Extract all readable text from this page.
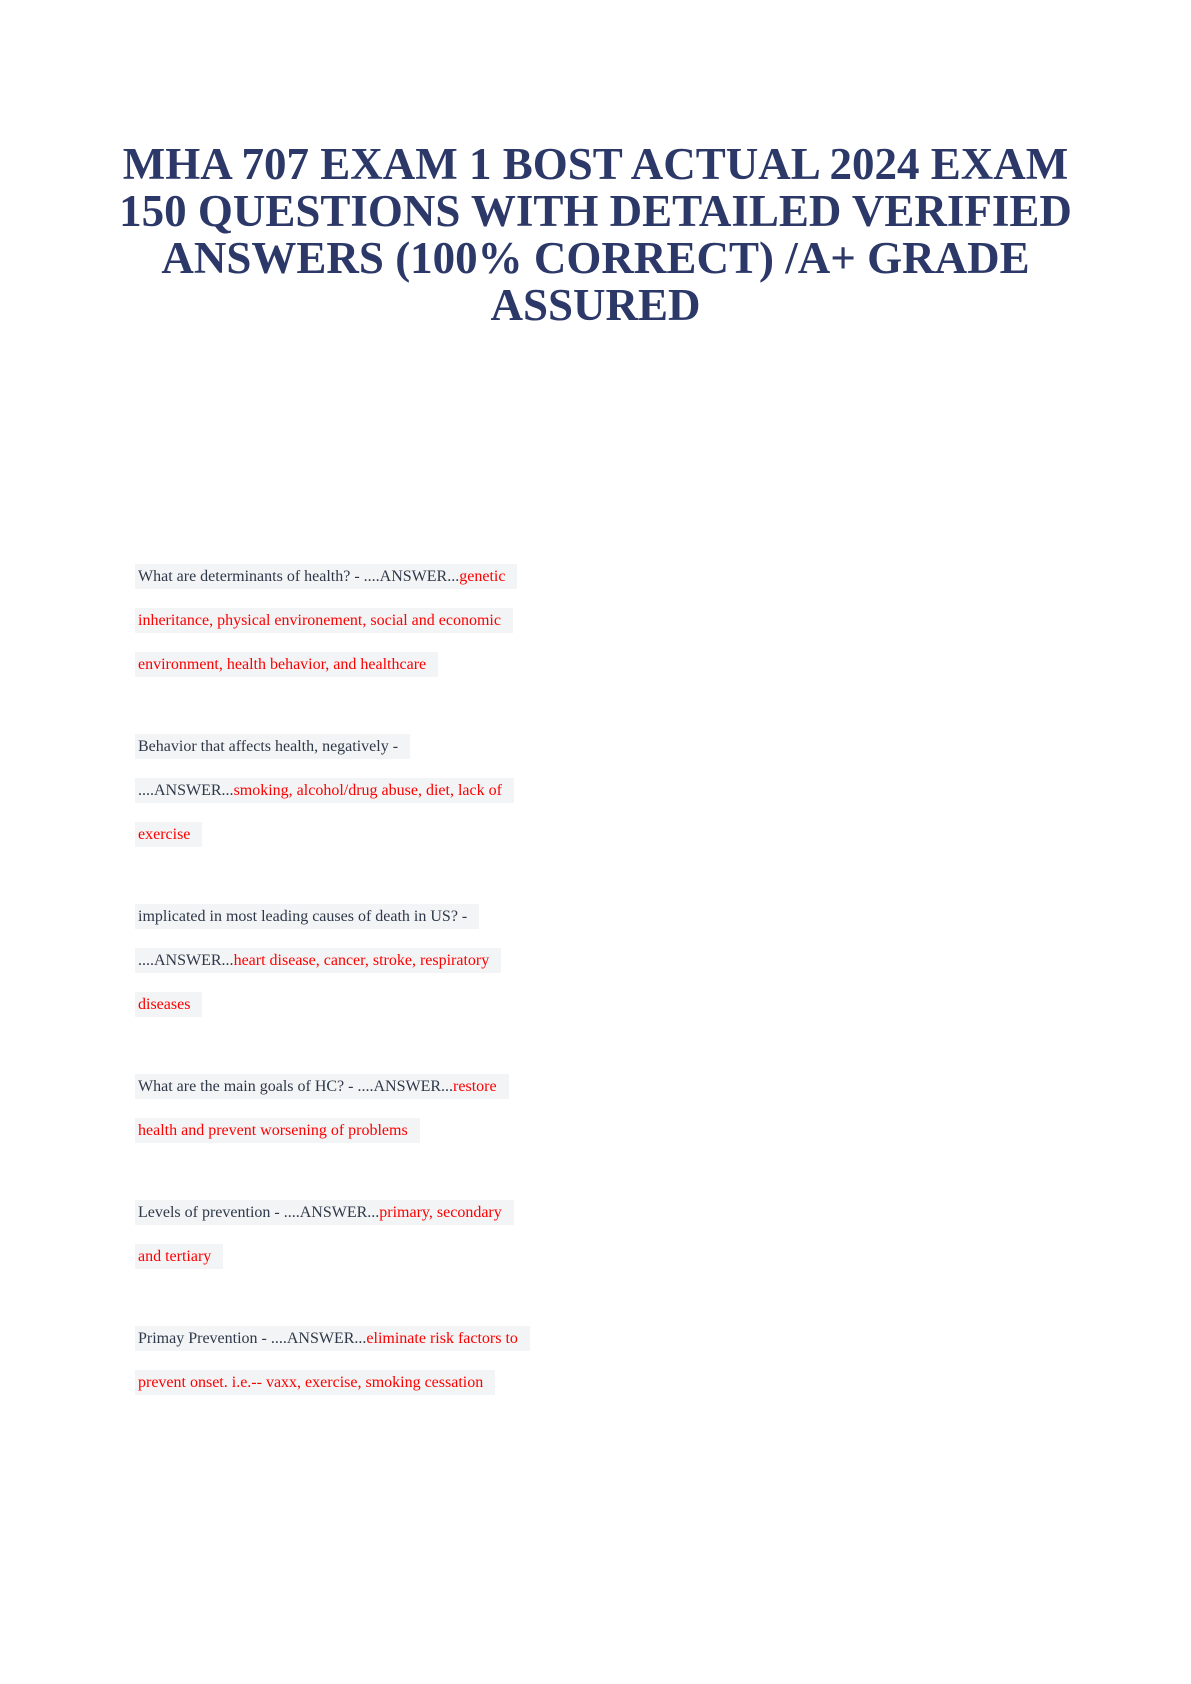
MHA 707 EXAM 1 BOST ACTUAL 2024 EXAM
150 QUESTIONS WITH DETAILED VERIFIED
ANSWERS (100% CORRECT) /A+ GRADE
ASSURED
What are determinants of health? - ....ANSWER...genetic
inheritance, physical environement, social and economic
environment, health behavior, and healthcare
Behavior that affects health, negatively -
....ANSWER...smoking, alcohol/drug abuse, diet, lack of
exercise
implicated in most leading causes of death in US? -
....ANSWER...heart disease, cancer, stroke, respiratory
diseases
What are the main goals of HC? - ....ANSWER...restore
health and prevent worsening of problems
Levels of prevention - ....ANSWER...primary, secondary
and tertiary
Primay Prevention - ....ANSWER...eliminate risk factors to
prevent onset. i.e.-- vaxx, exercise, smoking cessation
